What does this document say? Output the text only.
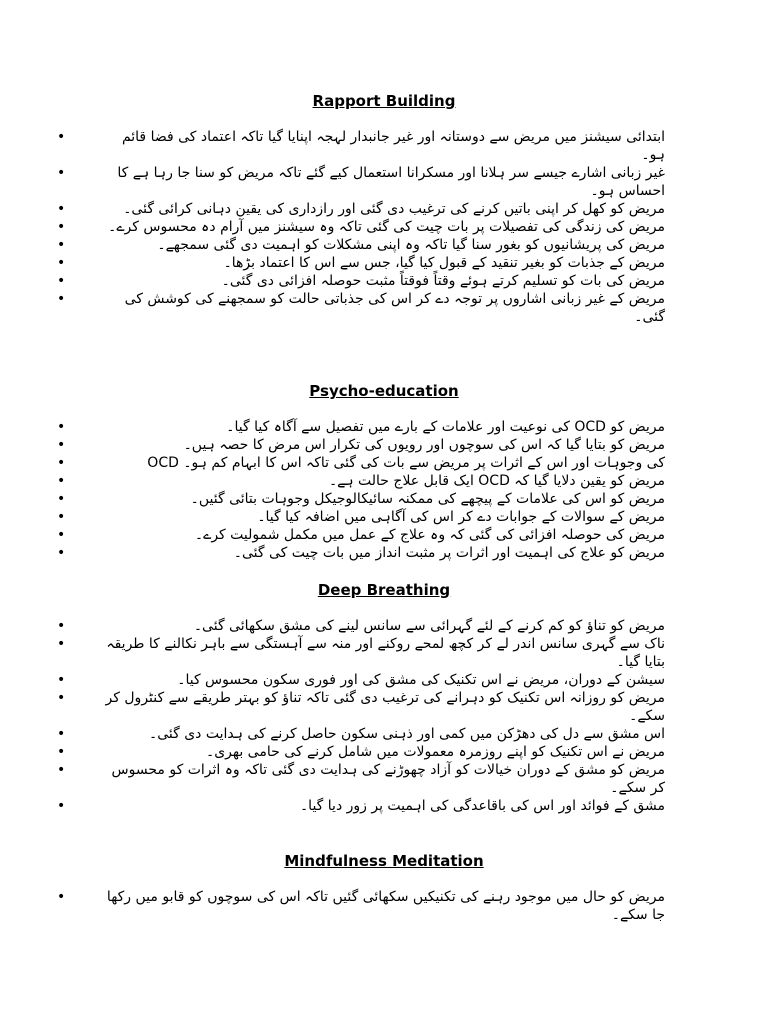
Rapport Building
•	ابتدائی سیشنز میں مریض سے دوستانہ اور غیر جانبدار لہجہ اپنایا گیا تاکہ اعتماد کی فضا قائم ہو۔
•	غیر زبانی اشارے جیسے سر ہلانا اور مسکرانا استعمال کیے گئے تاکہ مریض کو سنا جا رہا ہے کا احساس ہو۔
•	مریض کو کھل کر اپنی باتیں کرنے کی ترغیب دی گئی اور رازداری کی یقین دہانی کرائی گئی۔
•	مریض کی زندگی کی تفصیلات پر بات چیت کی گئی تاکہ وہ سیشنز میں آرام دہ محسوس کرے۔
•	مریض کی پریشانیوں کو بغور سنا گیا تاکہ وہ اپنی مشکلات کو اہمیت دی گئی سمجھے۔
•	مریض کے جذبات کو بغیر تنقید کے قبول کیا گیا، جس سے اس کا اعتماد بڑھا۔
•	مریض کی بات کو تسلیم کرتے ہوئے وقتاً فوقتاً مثبت حوصلہ افزائی دی گئی۔
•	مریض کے غیر زبانی اشاروں پر توجہ دے کر اس کی جذباتی حالت کو سمجھنے کی کوشش کی گئی۔
Psycho-education
•	مریض کو OCD کی نوعیت اور علامات کے بارے میں تفصیل سے آگاہ کیا گیا۔
•	مریض کو بتایا گیا کہ اس کی سوچوں اور رویوں کی تکرار اس مرض کا حصہ ہیں۔
•	OCD کی وجوہات اور اس کے اثرات پر مریض سے بات کی گئی تاکہ اس کا ابہام کم ہو۔
•	مریض کو یقین دلایا گیا کہ OCD ایک قابل علاج حالت ہے۔
•	مریض کو اس کی علامات کے پیچھے کی ممکنہ سائیکالوجیکل وجوہات بتائی گئیں۔
•	مریض کے سوالات کے جوابات دے کر اس کی آگاہی میں اضافہ کیا گیا۔
•	مریض کی حوصلہ افزائی کی گئی کہ وہ علاج کے عمل میں مکمل شمولیت کرے۔
•	مریض کو علاج کی اہمیت اور اثرات پر مثبت انداز میں بات چیت کی گئی۔
Deep Breathing
•	مریض کو تناؤ کو کم کرنے کے لئے گہرائی سے سانس لینے کی مشق سکھائی گئی۔
•	ناک سے گہری سانس اندر لے کر کچھ لمحے روکنے اور منہ سے آہستگی سے باہر نکالنے کا طریقہ بتایا گیا۔
•	سیشن کے دوران، مریض نے اس تکنیک کی مشق کی اور فوری سکون محسوس کیا۔
•	مریض کو روزانہ اس تکنیک کو دہرانے کی ترغیب دی گئی تاکہ تناؤ کو بہتر طریقے سے کنٹرول کر سکے۔
•	اس مشق سے دل کی دھڑکن میں کمی اور ذہنی سکون حاصل کرنے کی ہدایت دی گئی۔
•	مریض نے اس تکنیک کو اپنے روزمرہ معمولات میں شامل کرنے کی حامی بھری۔
•	مریض کو مشق کے دوران خیالات کو آزاد چھوڑنے کی ہدایت دی گئی تاکہ وہ اثرات کو محسوس کر سکے۔
•	مشق کے فوائد اور اس کی باقاعدگی کی اہمیت پر زور دیا گیا۔
Mindfulness Meditation
•	مریض کو حال میں موجود رہنے کی تکنیکیں سکھائی گئیں تاکہ اس کی سوچوں کو قابو میں رکھا جا سکے۔
